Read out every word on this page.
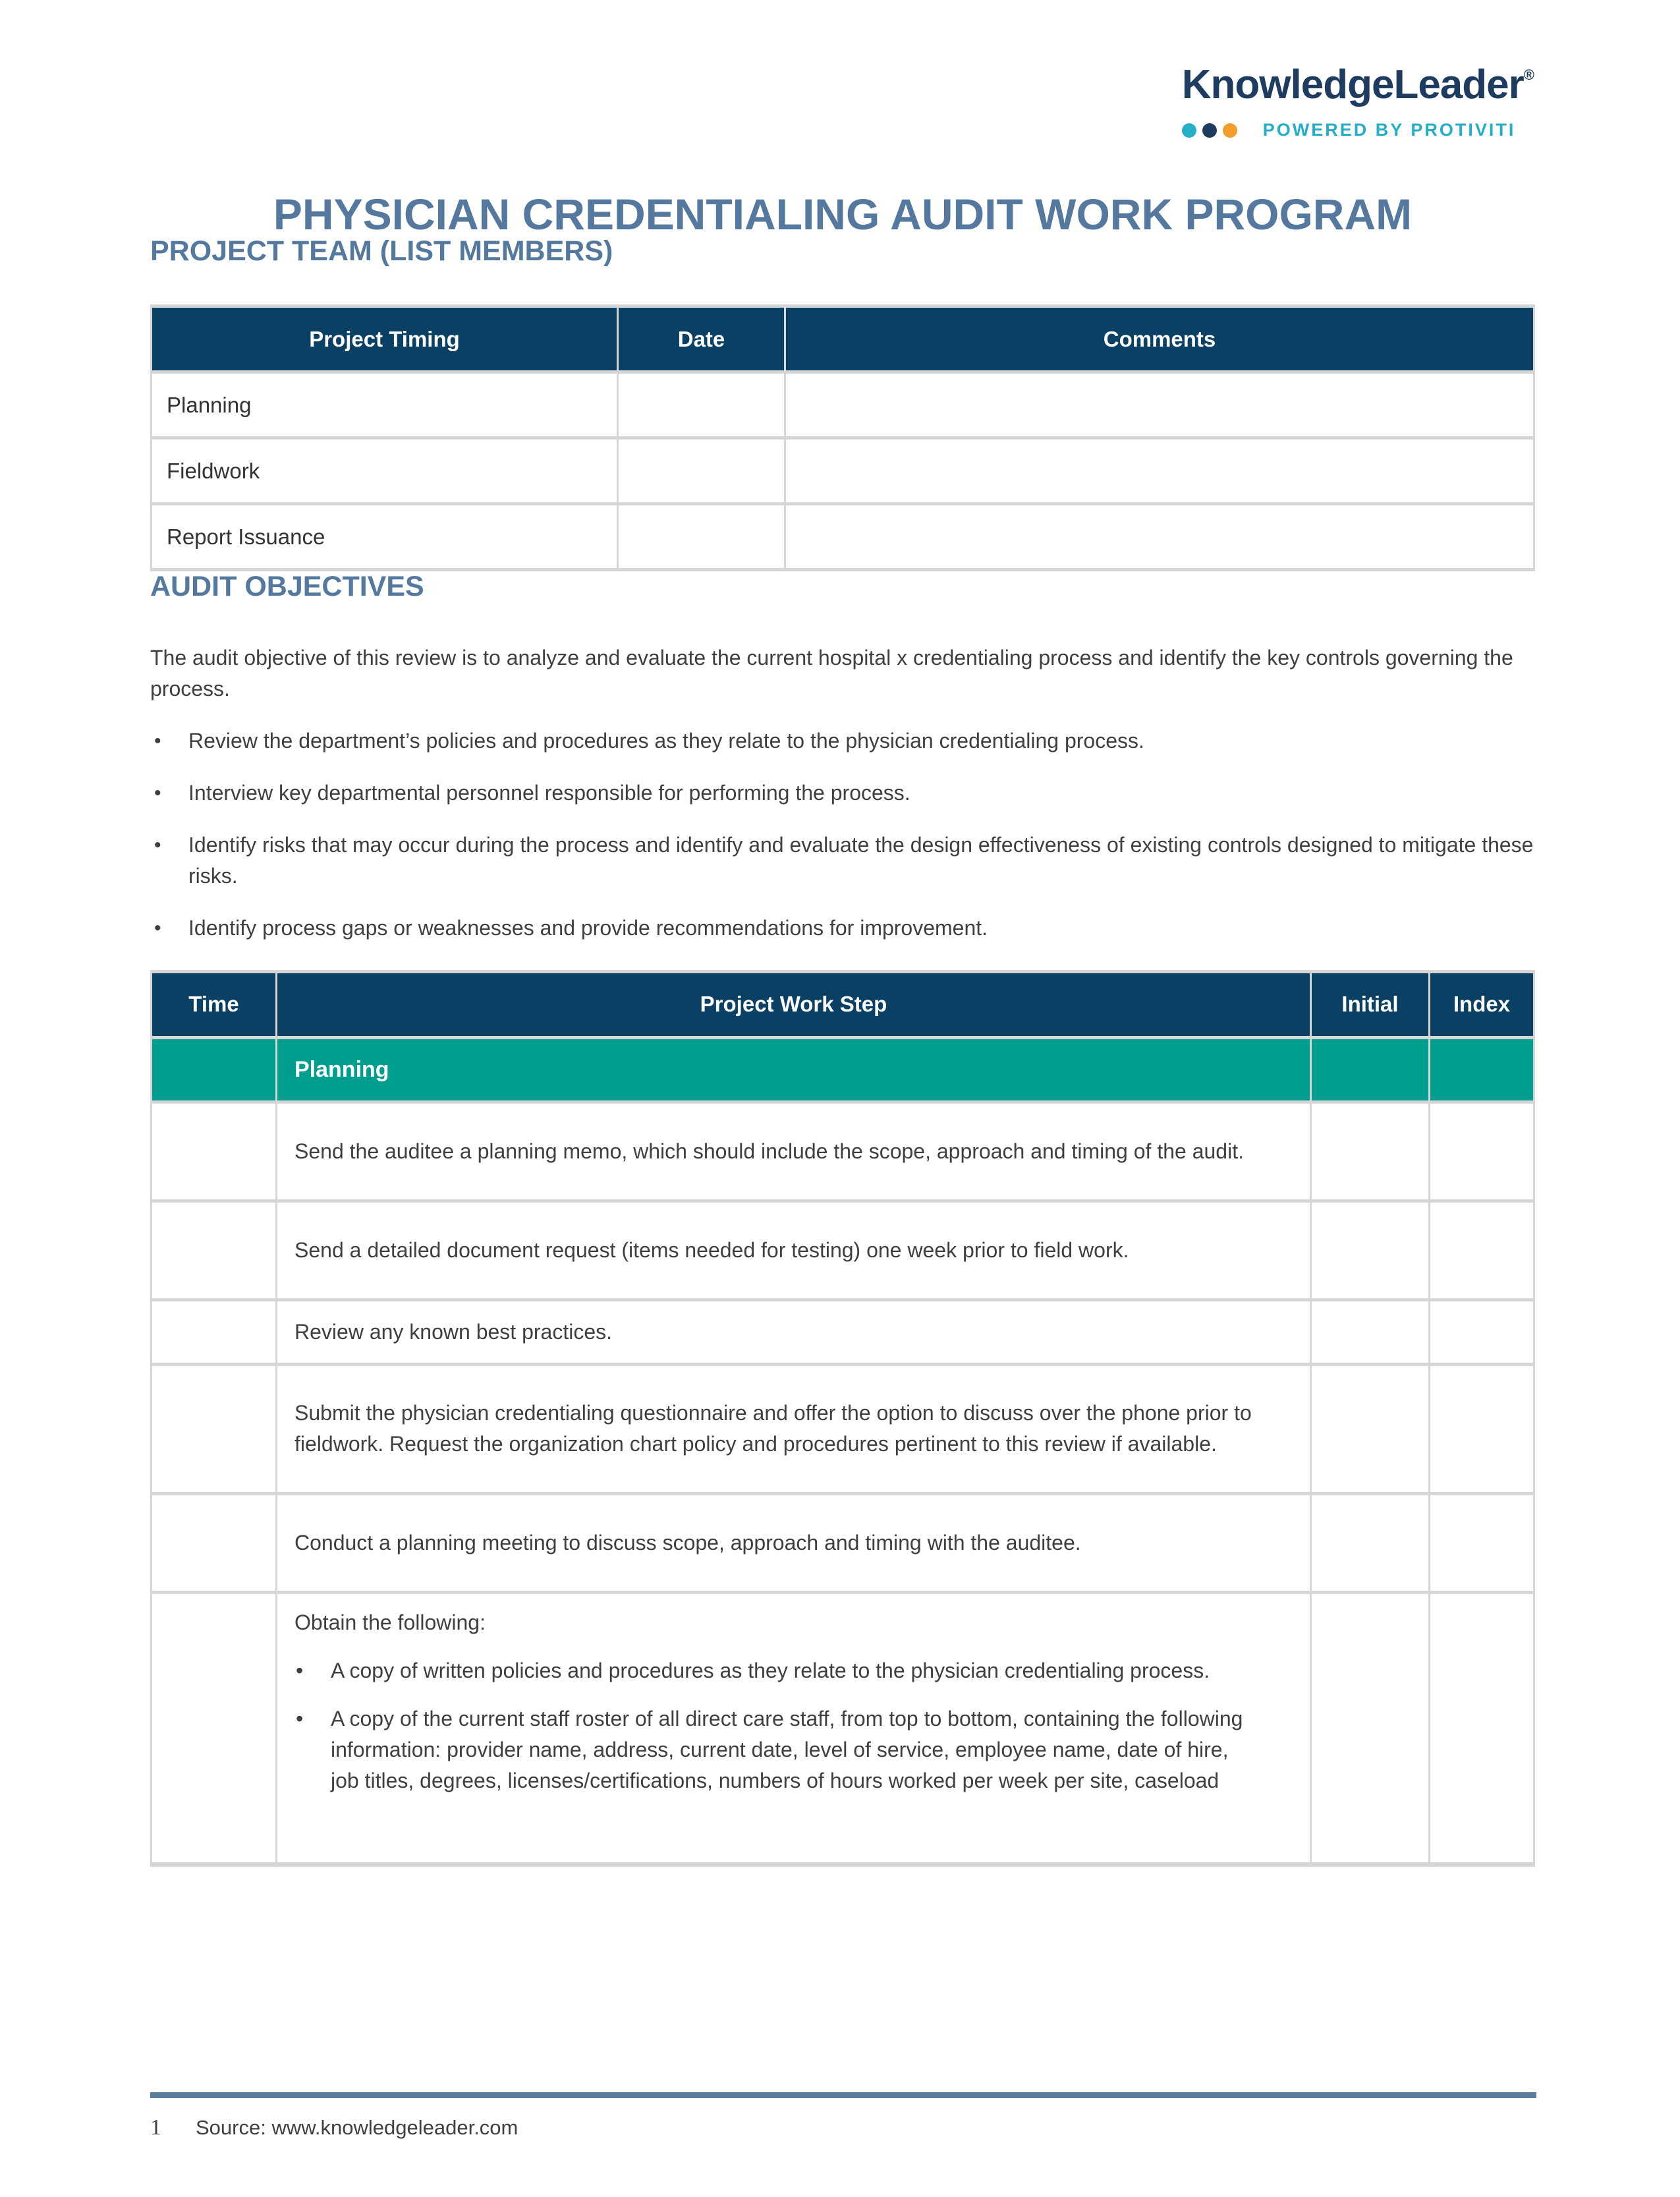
KnowledgeLeader®
POWERED BY PROTIVITI
PHYSICIAN CREDENTIALING AUDIT WORK PROGRAM
PROJECT TEAM (LIST MEMBERS)
Project Timing	Date	Comments
Planning		
Fieldwork		
Report Issuance		
AUDIT OBJECTIVES

The audit objective of this review is to analyze and evaluate the current hospital x credentialing process and identify the key controls governing the process.

•	Review the department’s policies and procedures as they relate to the physician credentialing process.
•	Interview key departmental personnel responsible for performing the process.
•	Identify risks that may occur during the process and identify and evaluate the design effectiveness of existing controls designed to mitigate these risks.
•	Identify process gaps or weaknesses and provide recommendations for improvement.
Time	Project Work Step	Initial	Index
	Planning		
	Send the auditee a planning memo, which should include the scope, approach and timing of the audit.		
	Send a detailed document request (items needed for testing) one week prior to field work.		
	Review any known best practices.		
	Submit the physician credentialing questionnaire and offer the option to discuss over the phone prior to fieldwork. Request the organization chart policy and procedures pertinent to this review if available.		
	Conduct a planning meeting to discuss scope, approach and timing with the auditee.		

	Obtain the following:

• A copy of written policies and procedures as they relate to the physician credentialing process.
• A copy of the current staff roster of all direct care staff, from top to bottom, containing the following information: provider name, address, current date, level of service, employee name, date of hire, job titles, degrees, licenses/certifications, numbers of hours worked per week per site, caseload		

1 Source: www.knowledgeleader.com
